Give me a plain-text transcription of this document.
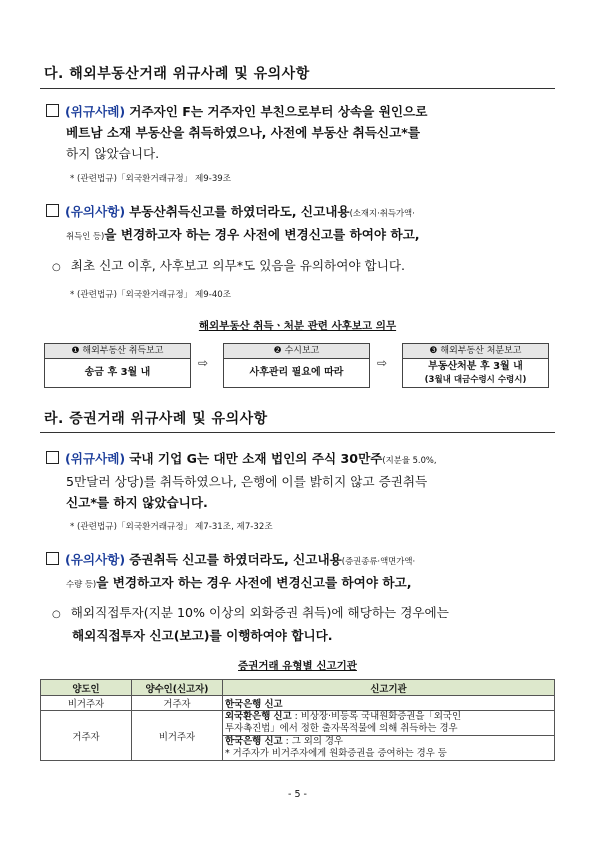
다. 해외부동산거래 위규사례 및 유의사항
(위규사례) 거주자인 F는 거주자인 부친으로부터 상속을 원인으로
베트남 소재 부동산을 취득하였으나, 사전에 부동산 취득신고*를
하지 않았습니다.
* (관련법규)「외국환거래규정」 제9-39조
(유의사항) 부동산취득신고를 하였더라도, 신고내용(소재지·취득가액·
취득인 등)을 변경하고자 하는 경우 사전에 변경신고를 하여야 하고,
○ 최초 신고 이후, 사후보고 의무*도 있음을 유의하여야 합니다.
* (관련법규)「외국환거래규정」 제9-40조
해외부동산 취득ㆍ처분 관련 사후보고 의무
❶ 해외부동산 취득보고
송금 후 3월 내
⇨
❷ 수시보고
사후관리 필요에 따라
⇨
❸ 해외부동산 처분보고
부동산처분 후 3월 내
(3월내 대금수령시 수령시)
라. 증권거래 위규사례 및 유의사항
(위규사례) 국내 기업 G는 대만 소재 법인의 주식 30만주(지분율 5.0%,
5만달러 상당)를 취득하였으나, 은행에 이를 밝히지 않고 증권취득
신고*를 하지 않았습니다.
* (관련법규)「외국환거래규정」 제7-31조, 제7-32조
(유의사항) 증권취득 신고를 하였더라도, 신고내용(증권종류·액면가액·
수량 등)을 변경하고자 하는 경우 사전에 변경신고를 하여야 하고,
○ 해외직접투자(지분 10% 이상의 외화증권 취득)에 해당하는 경우에는
해외직접투자 신고(보고)를 이행하여야 합니다.
증권거래 유형별 신고기관
양도인	양수인(신고자)	신고기관
비거주자	거주자	한국은행 신고
거주자	비거주자	외국환은행 신고 : 비상장·비등록 국내원화증권을「외국인
투자촉진법」에서 정한 출자목적물에 의해 취득하는 경우

		한국은행 신고 : 그 외의 경우
* 거주자가 비거주자에게 원화증권을 증여하는 경우 등
- 5 -
